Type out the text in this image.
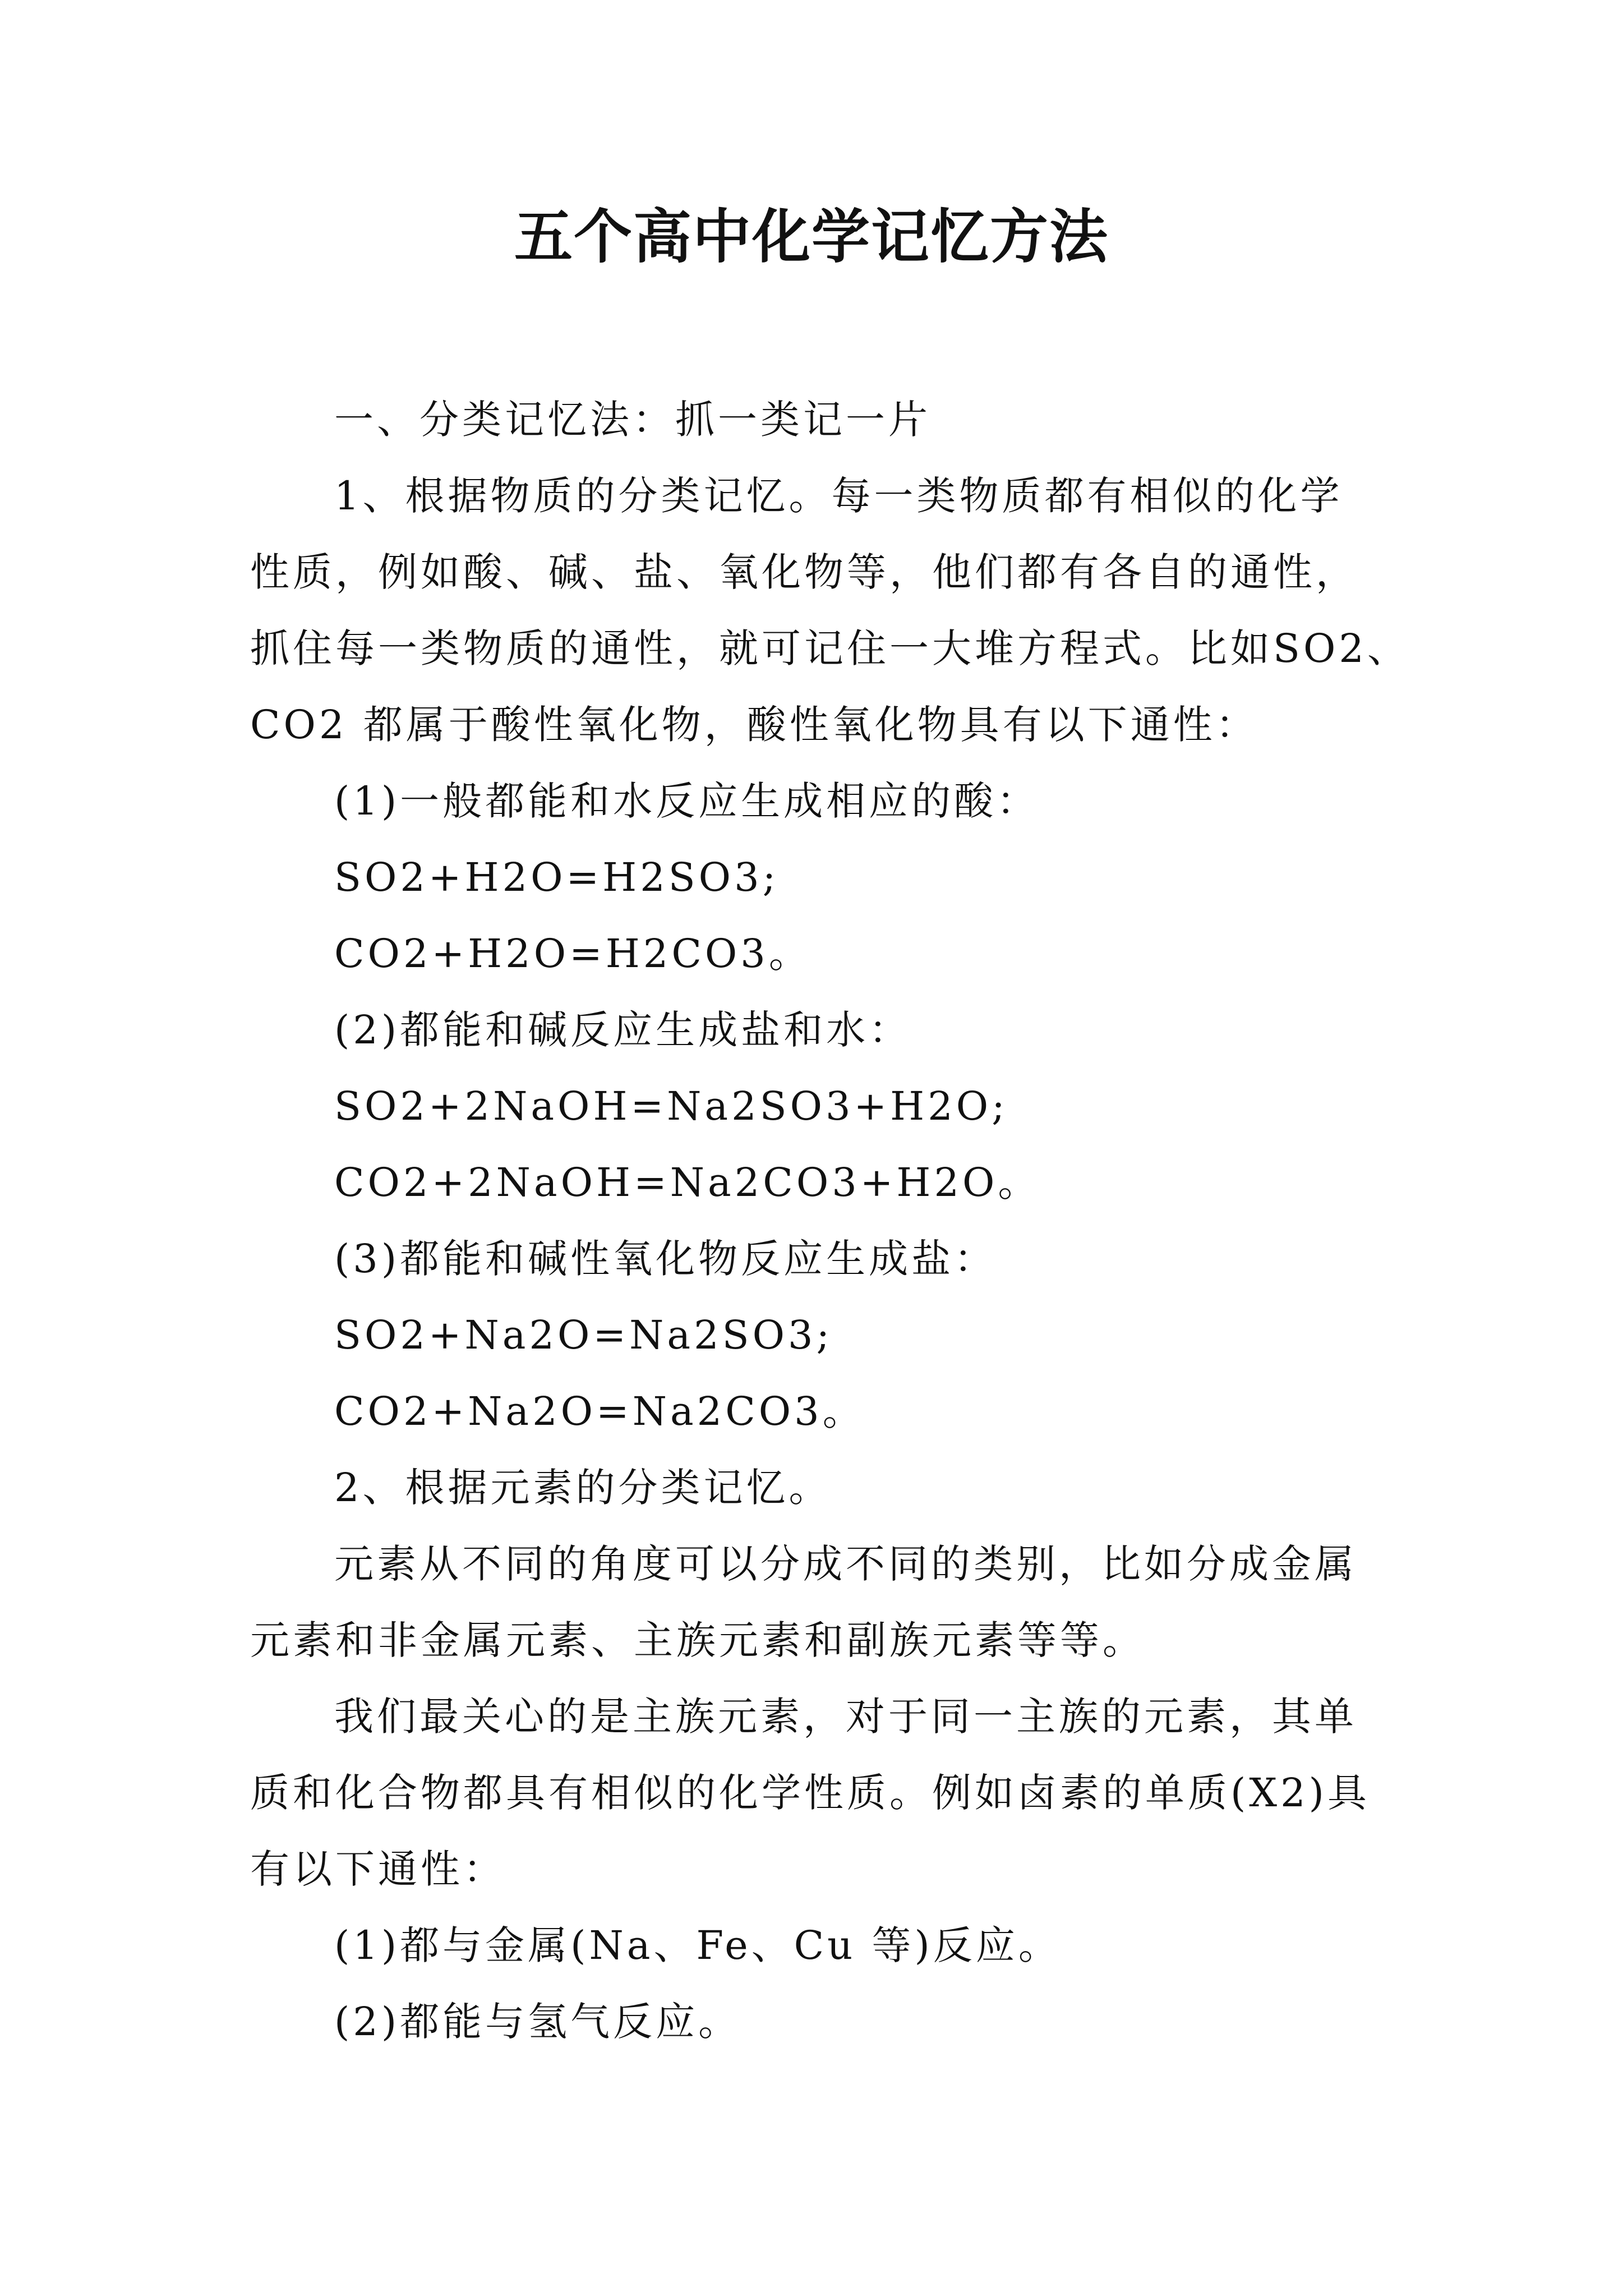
五个高中化学记忆方法
一、分类记忆法：抓一类记一片
1、根据物质的分类记忆。每一类物质都有相似的化学
性质，例如酸、碱、盐、氧化物等，他们都有各自的通性，
抓住每一类物质的通性，就可记住一大堆方程式。比如SO2、
CO2 都属于酸性氧化物，酸性氧化物具有以下通性：
(1)一般都能和水反应生成相应的酸：
SO2+H2O=H2SO3;
CO2+H2O=H2CO3。
(2)都能和碱反应生成盐和水：
SO2+2NaOH=Na2SO3+H2O;
CO2+2NaOH=Na2CO3+H2O。
(3)都能和碱性氧化物反应生成盐：
SO2+Na2O=Na2SO3;
CO2+Na2O=Na2CO3。
2、根据元素的分类记忆。
元素从不同的角度可以分成不同的类别，比如分成金属
元素和非金属元素、主族元素和副族元素等等。
我们最关心的是主族元素，对于同一主族的元素，其单
质和化合物都具有相似的化学性质。例如卤素的单质(X2)具
有以下通性：
(1)都与金属(Na、Fe、Cu 等)反应。
(2)都能与氢气反应。
